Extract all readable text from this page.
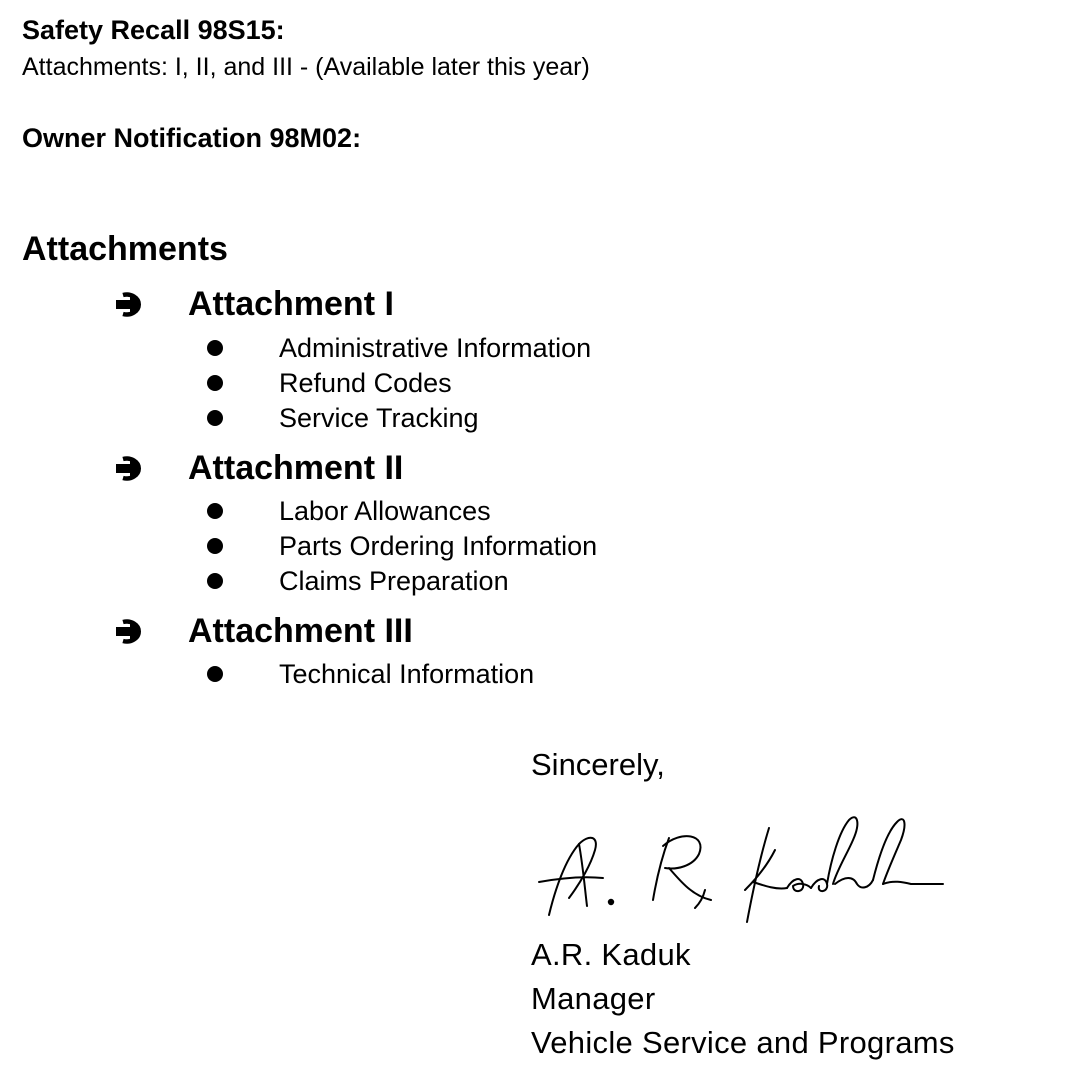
Safety Recall 98S15:
Attachments: I, II, and III - (Available later this year)
Owner Notification 98M02:
Attachments
Attachment I
Administrative Information
Refund Codes
Service Tracking
Attachment II
Labor Allowances
Parts Ordering Information
Claims Preparation
Attachment III
Technical Information
Sincerely,
A.R. Kaduk
Manager
Vehicle Service and Programs
